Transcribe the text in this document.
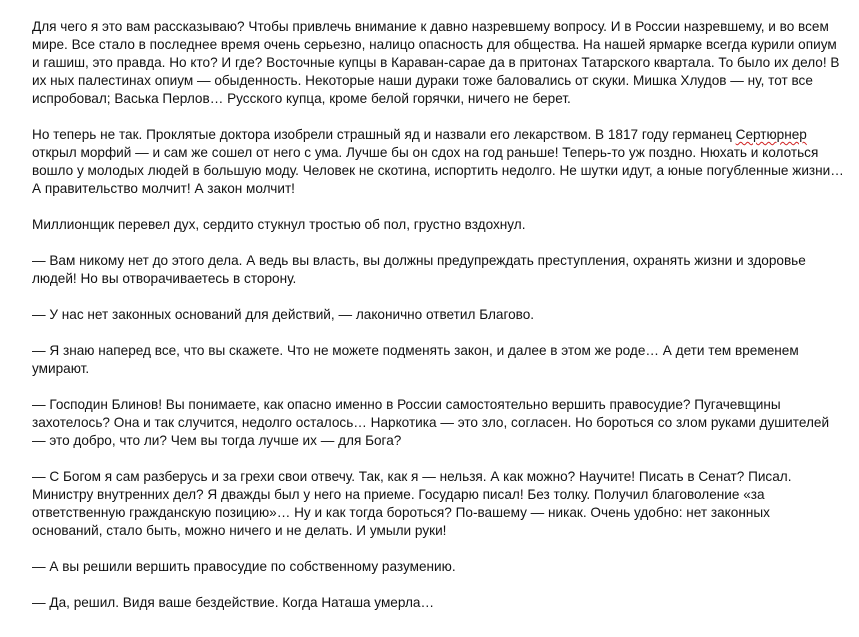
Для чего я это вам рассказываю? Чтобы привлечь внимание к давно назревшему вопросу. И в России назревшему, и во всем мире. Все стало в последнее время очень серьезно, налицо опасность для общества. На нашей ярмарке всегда курили опиум и гашиш, это правда. Но кто? И где? Восточные купцы в Караван-сарае да в притонах Татарского квартала. То было их дело! В их ных палестинах опиум — обыденность. Некоторые наши дураки тоже баловались от скуки. Мишка Хлудов — ну, тот все испробовал; Васька Перлов… Русского купца, кроме белой горячки, ничего не берет.

Но теперь не так. Проклятые доктора изобрели страшный яд и назвали его лекарством. В 1817 году германец Сертюрнер открыл морфий — и сам же сошел от него с ума. Лучше бы он сдох на год раньше! Теперь-то уж поздно. Нюхать и колоться вошло у молодых людей в большую моду. Человек не скотина, испортить недолго. Не шутки идут, а юные погубленные жизни… А правительство молчит! А закон молчит!

Миллионщик перевел дух, сердито стукнул тростью об пол, грустно вздохнул.

— Вам никому нет до этого дела. А ведь вы власть, вы должны предупреждать преступления, охранять жизни и здоровье людей! Но вы отворачиваетесь в сторону.

— У нас нет законных оснований для действий, — лаконично ответил Благово.

— Я знаю наперед все, что вы скажете. Что не можете подменять закон, и далее в этом же роде… А дети тем временем умирают.

— Господин Блинов! Вы понимаете, как опасно именно в России самостоятельно вершить правосудие? Пугачевщины захотелось? Она и так случится, недолго осталось… Наркотика — это зло, согласен. Но бороться со злом руками душителей — это добро, что ли? Чем вы тогда лучше их — для Бога?

— С Богом я сам разберусь и за грехи свои отвечу. Так, как я — нельзя. А как можно? Научите! Писать в Сенат? Писал. Министру внутренних дел? Я дважды был у него на приеме. Государю писал! Без толку. Получил благоволение «за ответственную гражданскую позицию»… Ну и как тогда бороться? По-вашему — никак. Очень удобно: нет законных оснований, стало быть, можно ничего и не делать. И умыли руки!

— А вы решили вершить правосудие по собственному разумению.

— Да, решил. Видя ваше бездействие. Когда Наташа умерла…
